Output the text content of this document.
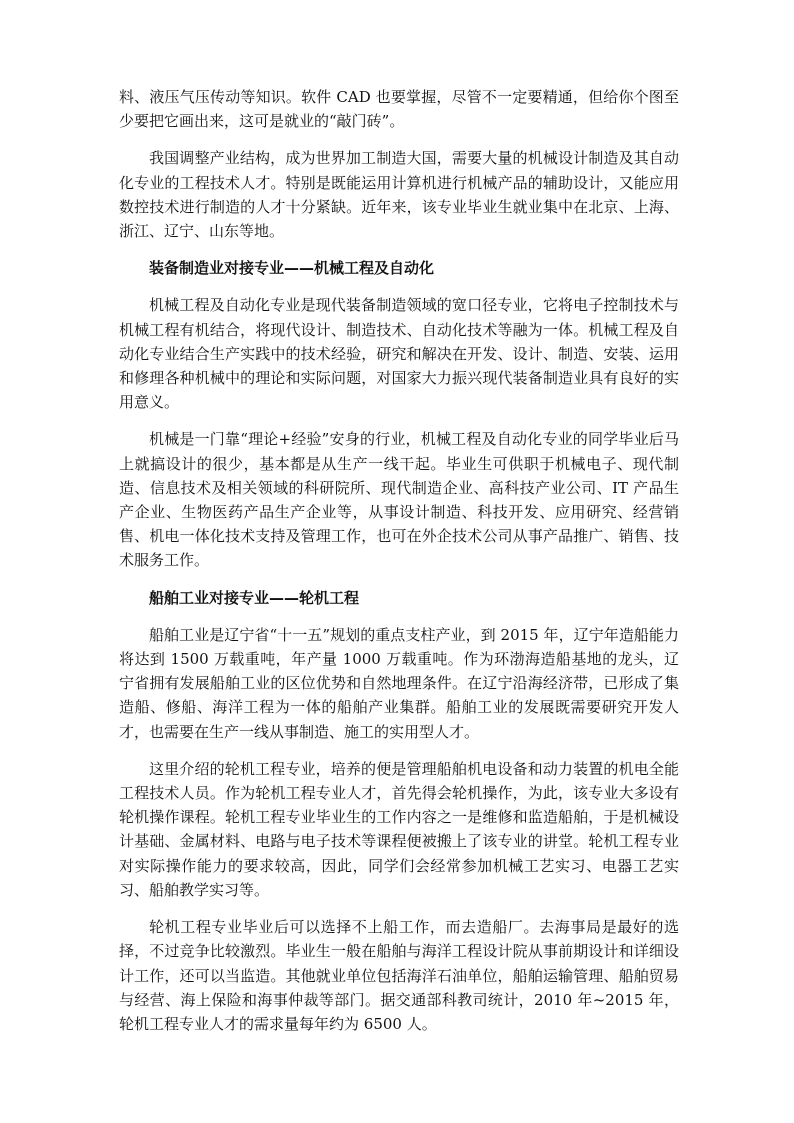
料、液压气压传动等知识。软件 CAD 也要掌握，尽管不一定要精通，但给你个图至少要把它画出来，这可是就业的“敲门砖”。

我国调整产业结构，成为世界加工制造大国，需要大量的机械设计制造及其自动化专业的工程技术人才。特别是既能运用计算机进行机械产品的辅助设计，又能应用数控技术进行制造的人才十分紧缺。近年来，该专业毕业生就业集中在北京、上海、浙江、辽宁、山东等地。

装备制造业对接专业——机械工程及自动化

机械工程及自动化专业是现代装备制造领域的宽口径专业，它将电子控制技术与机械工程有机结合，将现代设计、制造技术、自动化技术等融为一体。机械工程及自动化专业结合生产实践中的技术经验，研究和解决在开发、设计、制造、安装、运用和修理各种机械中的理论和实际问题，对国家大力振兴现代装备制造业具有良好的实用意义。

机械是一门靠“理论+经验”安身的行业，机械工程及自动化专业的同学毕业后马上就搞设计的很少，基本都是从生产一线干起。毕业生可供职于机械电子、现代制造、信息技术及相关领域的科研院所、现代制造企业、高科技产业公司、IT 产品生产企业、生物医药产品生产企业等，从事设计制造、科技开发、应用研究、经营销售、机电一体化技术支持及管理工作，也可在外企技术公司从事产品推广、销售、技术服务工作。

船舶工业对接专业——轮机工程

船舶工业是辽宁省“十一五”规划的重点支柱产业，到 2015 年，辽宁年造船能力将达到 1500 万载重吨，年产量 1000 万载重吨。作为环渤海造船基地的龙头，辽宁省拥有发展船舶工业的区位优势和自然地理条件。在辽宁沿海经济带，已形成了集造船、修船、海洋工程为一体的船舶产业集群。船舶工业的发展既需要研究开发人才，也需要在生产一线从事制造、施工的实用型人才。

这里介绍的轮机工程专业，培养的便是管理船舶机电设备和动力装置的机电全能工程技术人员。作为轮机工程专业人才，首先得会轮机操作，为此，该专业大多设有轮机操作课程。轮机工程专业毕业生的工作内容之一是维修和监造船舶，于是机械设计基础、金属材料、电路与电子技术等课程便被搬上了该专业的讲堂。轮机工程专业对实际操作能力的要求较高，因此，同学们会经常参加机械工艺实习、电器工艺实习、船舶教学实习等。

轮机工程专业毕业后可以选择不上船工作，而去造船厂。去海事局是最好的选择，不过竞争比较激烈。毕业生一般在船舶与海洋工程设计院从事前期设计和详细设计工作，还可以当监造。其他就业单位包括海洋石油单位，船舶运输管理、船舶贸易与经营、海上保险和海事仲裁等部门。据交通部科教司统计，2010 年~2015 年，轮机工程专业人才的需求量每年约为 6500 人。
